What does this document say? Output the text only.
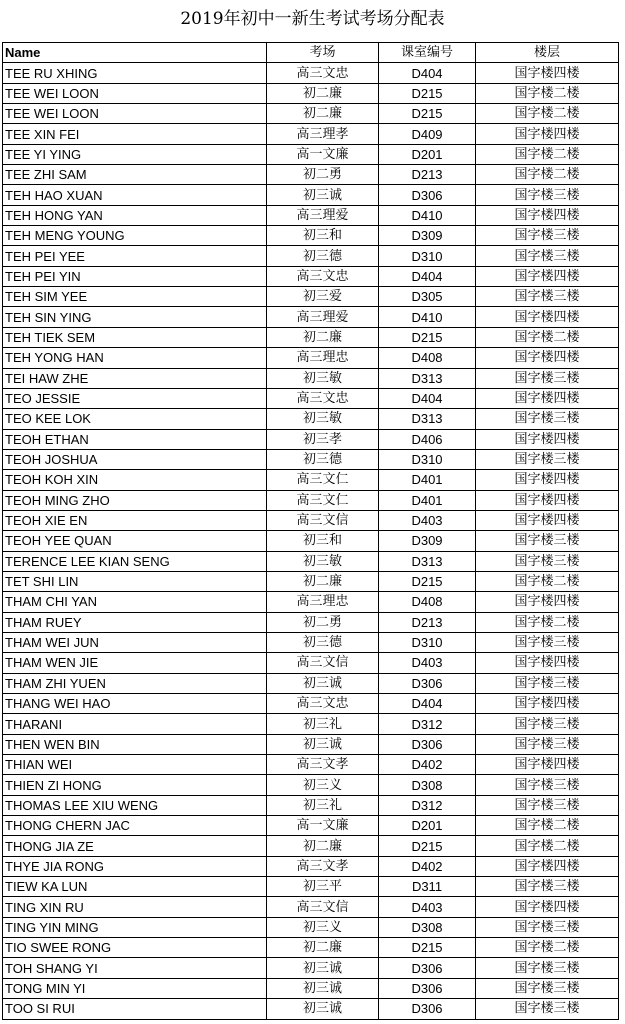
2019年初中一新生考试考场分配表
Name	考场	课室编号	楼层
TEE RU XHING	高三文忠	D404	国字楼四楼
TEE WEI LOON	初二廉	D215	国字楼二楼
TEE WEI LOON	初二廉	D215	国字楼二楼
TEE XIN FEI	高三理孝	D409	国字楼四楼
TEE YI YING	高一文廉	D201	国字楼二楼
TEE ZHI SAM	初二勇	D213	国字楼二楼
TEH HAO XUAN	初三诚	D306	国字楼三楼
TEH HONG YAN	高三理爱	D410	国字楼四楼
TEH MENG YOUNG	初三和	D309	国字楼三楼
TEH PEI YEE	初三德	D310	国字楼三楼
TEH PEI YIN	高三文忠	D404	国字楼四楼
TEH SIM YEE	初三爱	D305	国字楼三楼
TEH SIN YING	高三理爱	D410	国字楼四楼
TEH TIEK SEM	初二廉	D215	国字楼二楼
TEH YONG HAN	高三理忠	D408	国字楼四楼
TEI HAW ZHE	初三敏	D313	国字楼三楼
TEO JESSIE	高三文忠	D404	国字楼四楼
TEO KEE LOK	初三敏	D313	国字楼三楼
TEOH ETHAN	初三孝	D406	国字楼四楼
TEOH JOSHUA	初三德	D310	国字楼三楼
TEOH KOH XIN	高三文仁	D401	国字楼四楼
TEOH MING ZHO	高三文仁	D401	国字楼四楼
TEOH XIE EN	高三文信	D403	国字楼四楼
TEOH YEE QUAN	初三和	D309	国字楼三楼
TERENCE LEE KIAN SENG	初三敏	D313	国字楼三楼
TET SHI LIN	初二廉	D215	国字楼二楼
THAM CHI YAN	高三理忠	D408	国字楼四楼
THAM RUEY	初二勇	D213	国字楼二楼
THAM WEI JUN	初三德	D310	国字楼三楼
THAM WEN JIE	高三文信	D403	国字楼四楼
THAM ZHI YUEN	初三诚	D306	国字楼三楼
THANG WEI HAO	高三文忠	D404	国字楼四楼
THARANI	初三礼	D312	国字楼三楼
THEN WEN BIN	初三诚	D306	国字楼三楼
THIAN WEI	高三文孝	D402	国字楼四楼
THIEN ZI HONG	初三义	D308	国字楼三楼
THOMAS LEE XIU WENG	初三礼	D312	国字楼三楼
THONG CHERN JAC	高一文廉	D201	国字楼二楼
THONG JIA ZE	初二廉	D215	国字楼二楼
THYE JIA RONG	高三文孝	D402	国字楼四楼
TIEW KA LUN	初三平	D311	国字楼三楼
TING XIN RU	高三文信	D403	国字楼四楼
TING YIN MING	初三义	D308	国字楼三楼
TIO SWEE RONG	初二廉	D215	国字楼二楼
TOH SHANG YI	初三诚	D306	国字楼三楼
TONG MIN YI	初三诚	D306	国字楼三楼
TOO SI RUI	初三诚	D306	国字楼三楼
